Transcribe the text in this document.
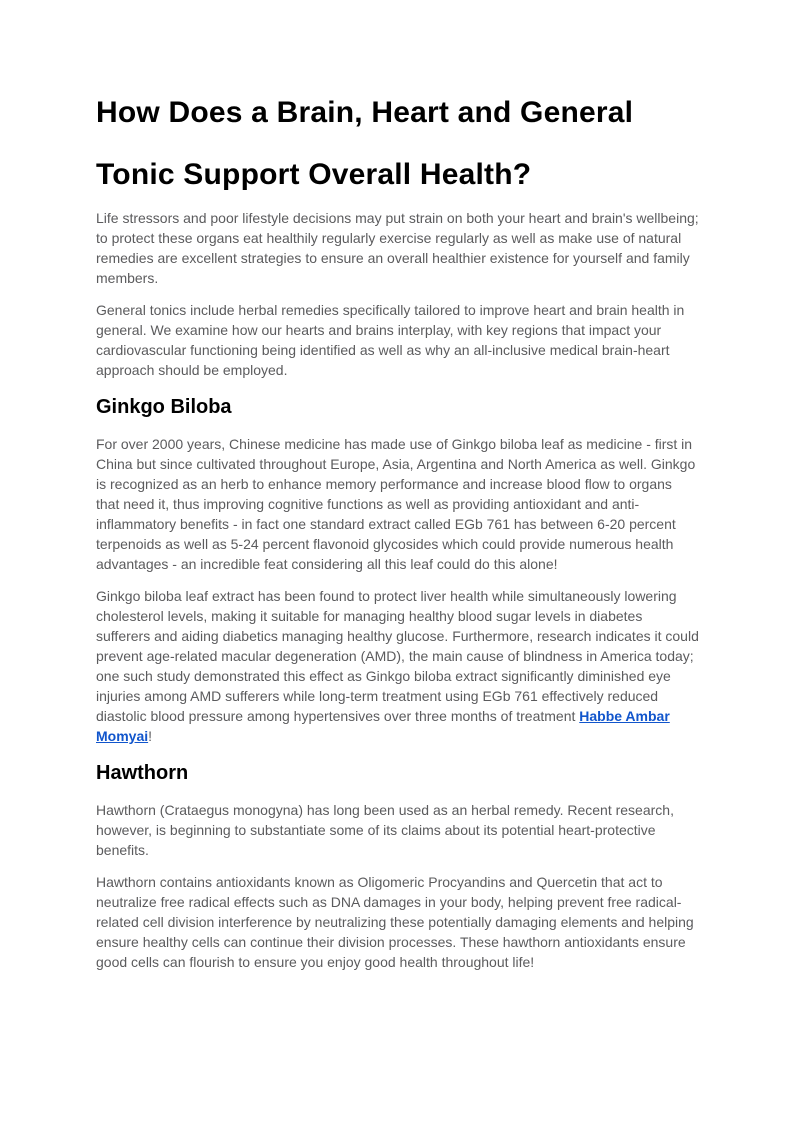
How Does a Brain, Heart and General Tonic Support Overall Health?

Life stressors and poor lifestyle decisions may put strain on both your heart and brain's wellbeing; to protect these organs eat healthily regularly exercise regularly as well as make use of natural remedies are excellent strategies to ensure an overall healthier existence for yourself and family members.

General tonics include herbal remedies specifically tailored to improve heart and brain health in general. We examine how our hearts and brains interplay, with key regions that impact your cardiovascular functioning being identified as well as why an all-inclusive medical brain-heart approach should be employed.

Ginkgo Biloba

For over 2000 years, Chinese medicine has made use of Ginkgo biloba leaf as medicine - first in China but since cultivated throughout Europe, Asia, Argentina and North America as well. Ginkgo is recognized as an herb to enhance memory performance and increase blood flow to organs that need it, thus improving cognitive functions as well as providing antioxidant and anti-inflammatory benefits - in fact one standard extract called EGb 761 has between 6-20 percent terpenoids as well as 5-24 percent flavonoid glycosides which could provide numerous health advantages - an incredible feat considering all this leaf could do this alone!

Ginkgo biloba leaf extract has been found to protect liver health while simultaneously lowering cholesterol levels, making it suitable for managing healthy blood sugar levels in diabetes sufferers and aiding diabetics managing healthy glucose. Furthermore, research indicates it could prevent age-related macular degeneration (AMD), the main cause of blindness in America today; one such study demonstrated this effect as Ginkgo biloba extract significantly diminished eye injuries among AMD sufferers while long-term treatment using EGb 761 effectively reduced diastolic blood pressure among hypertensives over three months of treatment Habbe Ambar Momyai!

Hawthorn

Hawthorn (Crataegus monogyna) has long been used as an herbal remedy. Recent research, however, is beginning to substantiate some of its claims about its potential heart-protective benefits.

Hawthorn contains antioxidants known as Oligomeric Procyandins and Quercetin that act to neutralize free radical effects such as DNA damages in your body, helping prevent free radical-related cell division interference by neutralizing these potentially damaging elements and helping ensure healthy cells can continue their division processes. These hawthorn antioxidants ensure good cells can flourish to ensure you enjoy good health throughout life!
